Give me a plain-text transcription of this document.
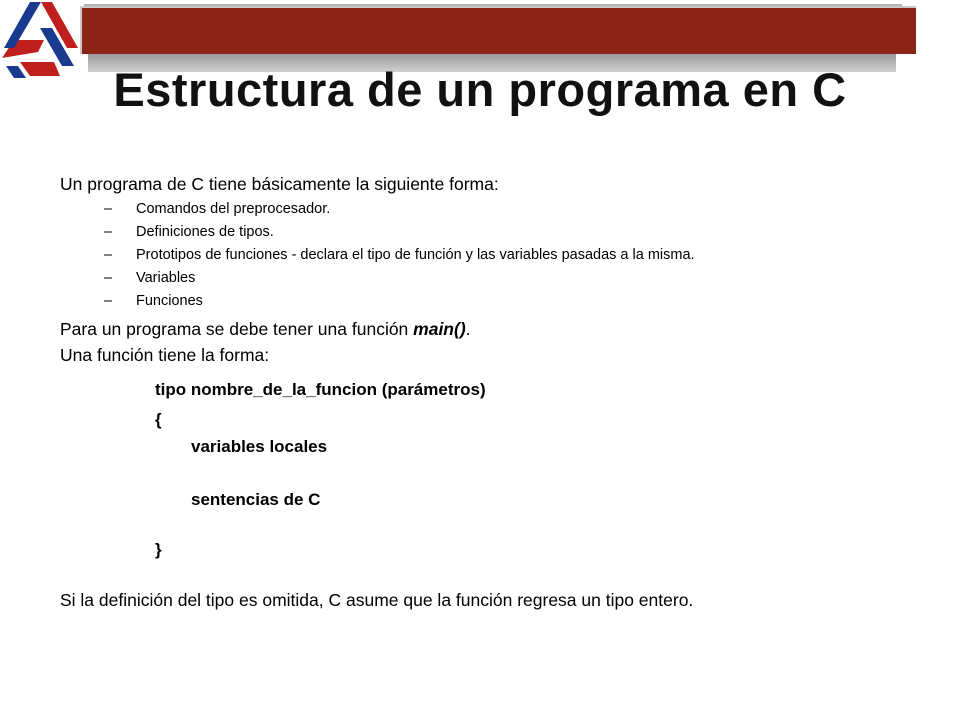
Estructura de un programa en C

Un programa de C tiene básicamente la siguiente forma:

– Comandos del preprocesador.
– Definiciones de tipos.
– Prototipos de funciones - declara el tipo de función y las variables pasadas a la misma.
– Variables
– Funciones

Para un programa se debe tener una función main().

Una función tiene la forma:

tipo nombre_de_la_funcion (parámetros)
{
variables locales
sentencias de C
}
Si la definición del tipo es omitida, C asume que la función regresa un tipo entero.
